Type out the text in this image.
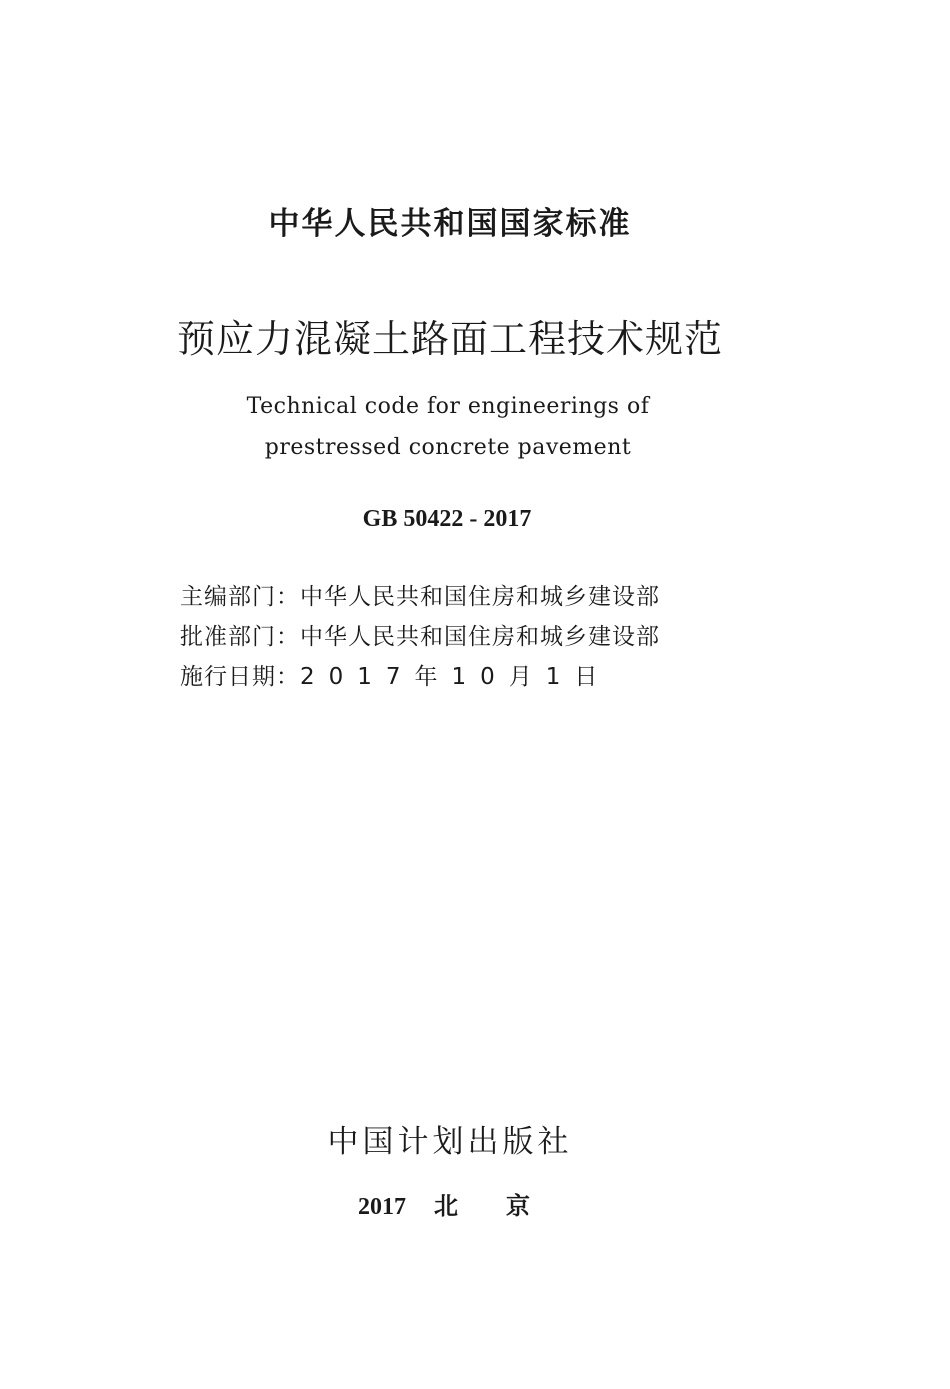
中华人民共和国国家标准
预应力混凝土路面工程技术规范
Technical code for engineerings of
prestressed concrete pavement
GB 50422 - 2017
主编部门：中华人民共和国住房和城乡建设部
批准部门：中华人民共和国住房和城乡建设部
施行日期：2017年10月1日
中国计划出版社
2017 北　　京
